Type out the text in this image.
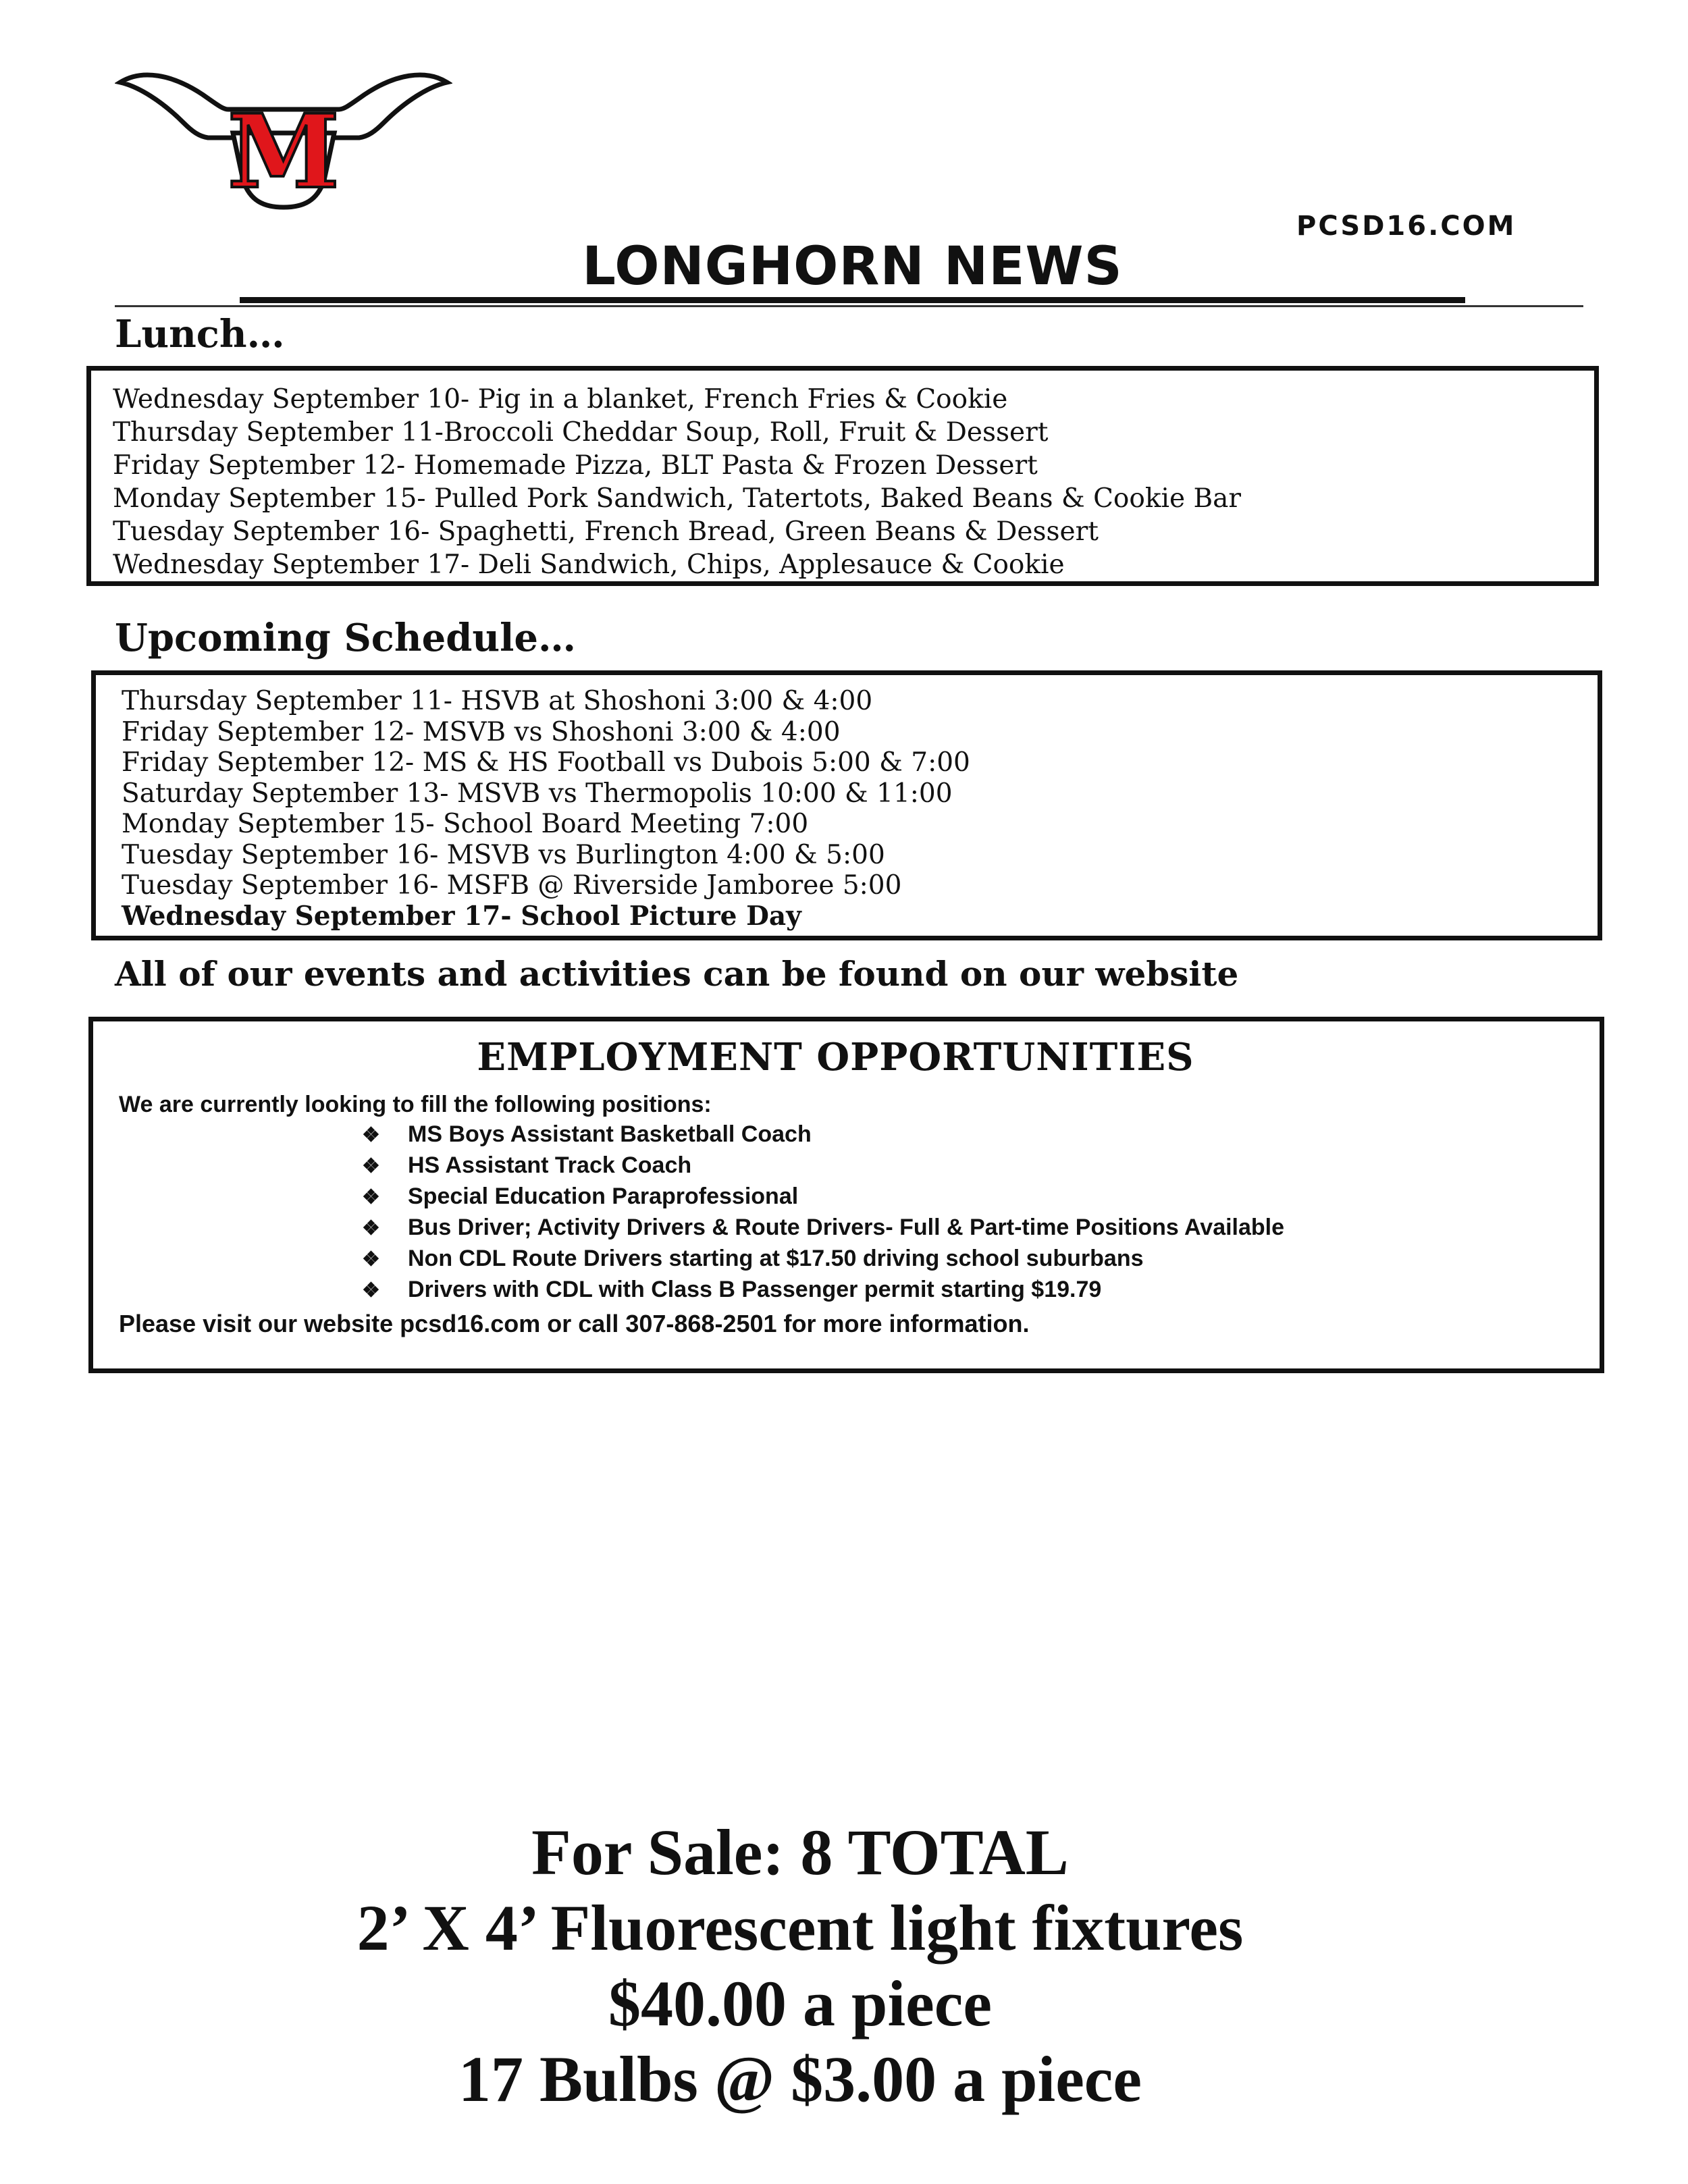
M
PCSD16.COM
LONGHORN NEWS
Lunch…
Wednesday September 10- Pig in a blanket, French Fries & Cookie
Thursday September 11-Broccoli Cheddar Soup, Roll, Fruit & Dessert
Friday September 12- Homemade Pizza, BLT Pasta & Frozen Dessert
Monday September 15- Pulled Pork Sandwich, Tatertots, Baked Beans & Cookie Bar
Tuesday September 16- Spaghetti, French Bread, Green Beans & Dessert
Wednesday September 17- Deli Sandwich, Chips, Applesauce & Cookie
Upcoming Schedule…
Thursday September 11- HSVB at Shoshoni 3:00 & 4:00
Friday September 12- MSVB vs Shoshoni 3:00 & 4:00
Friday September 12- MS & HS Football vs Dubois 5:00 & 7:00
Saturday September 13- MSVB vs Thermopolis 10:00 & 11:00
Monday September 15- School Board Meeting 7:00
Tuesday September 16- MSVB vs Burlington 4:00 & 5:00
Tuesday September 16- MSFB @ Riverside Jamboree 5:00
Wednesday September 17- School Picture Day
All of our events and activities can be found on our website
EMPLOYMENT OPPORTUNITIES
We are currently looking to fill the following positions:
❖ MS Boys Assistant Basketball Coach
❖ HS Assistant Track Coach
❖ Special Education Paraprofessional
❖ Bus Driver; Activity Drivers & Route Drivers- Full & Part-time Positions Available
❖ Non CDL Route Drivers starting at $17.50 driving school suburbans
❖ Drivers with CDL with Class B Passenger permit starting $19.79
Please visit our website pcsd16.com or call 307-868-2501 for more information.
For Sale: 8 TOTAL
2’ X 4’ Fluorescent light fixtures
$40.00 a piece
17 Bulbs @ $3.00 a piece
